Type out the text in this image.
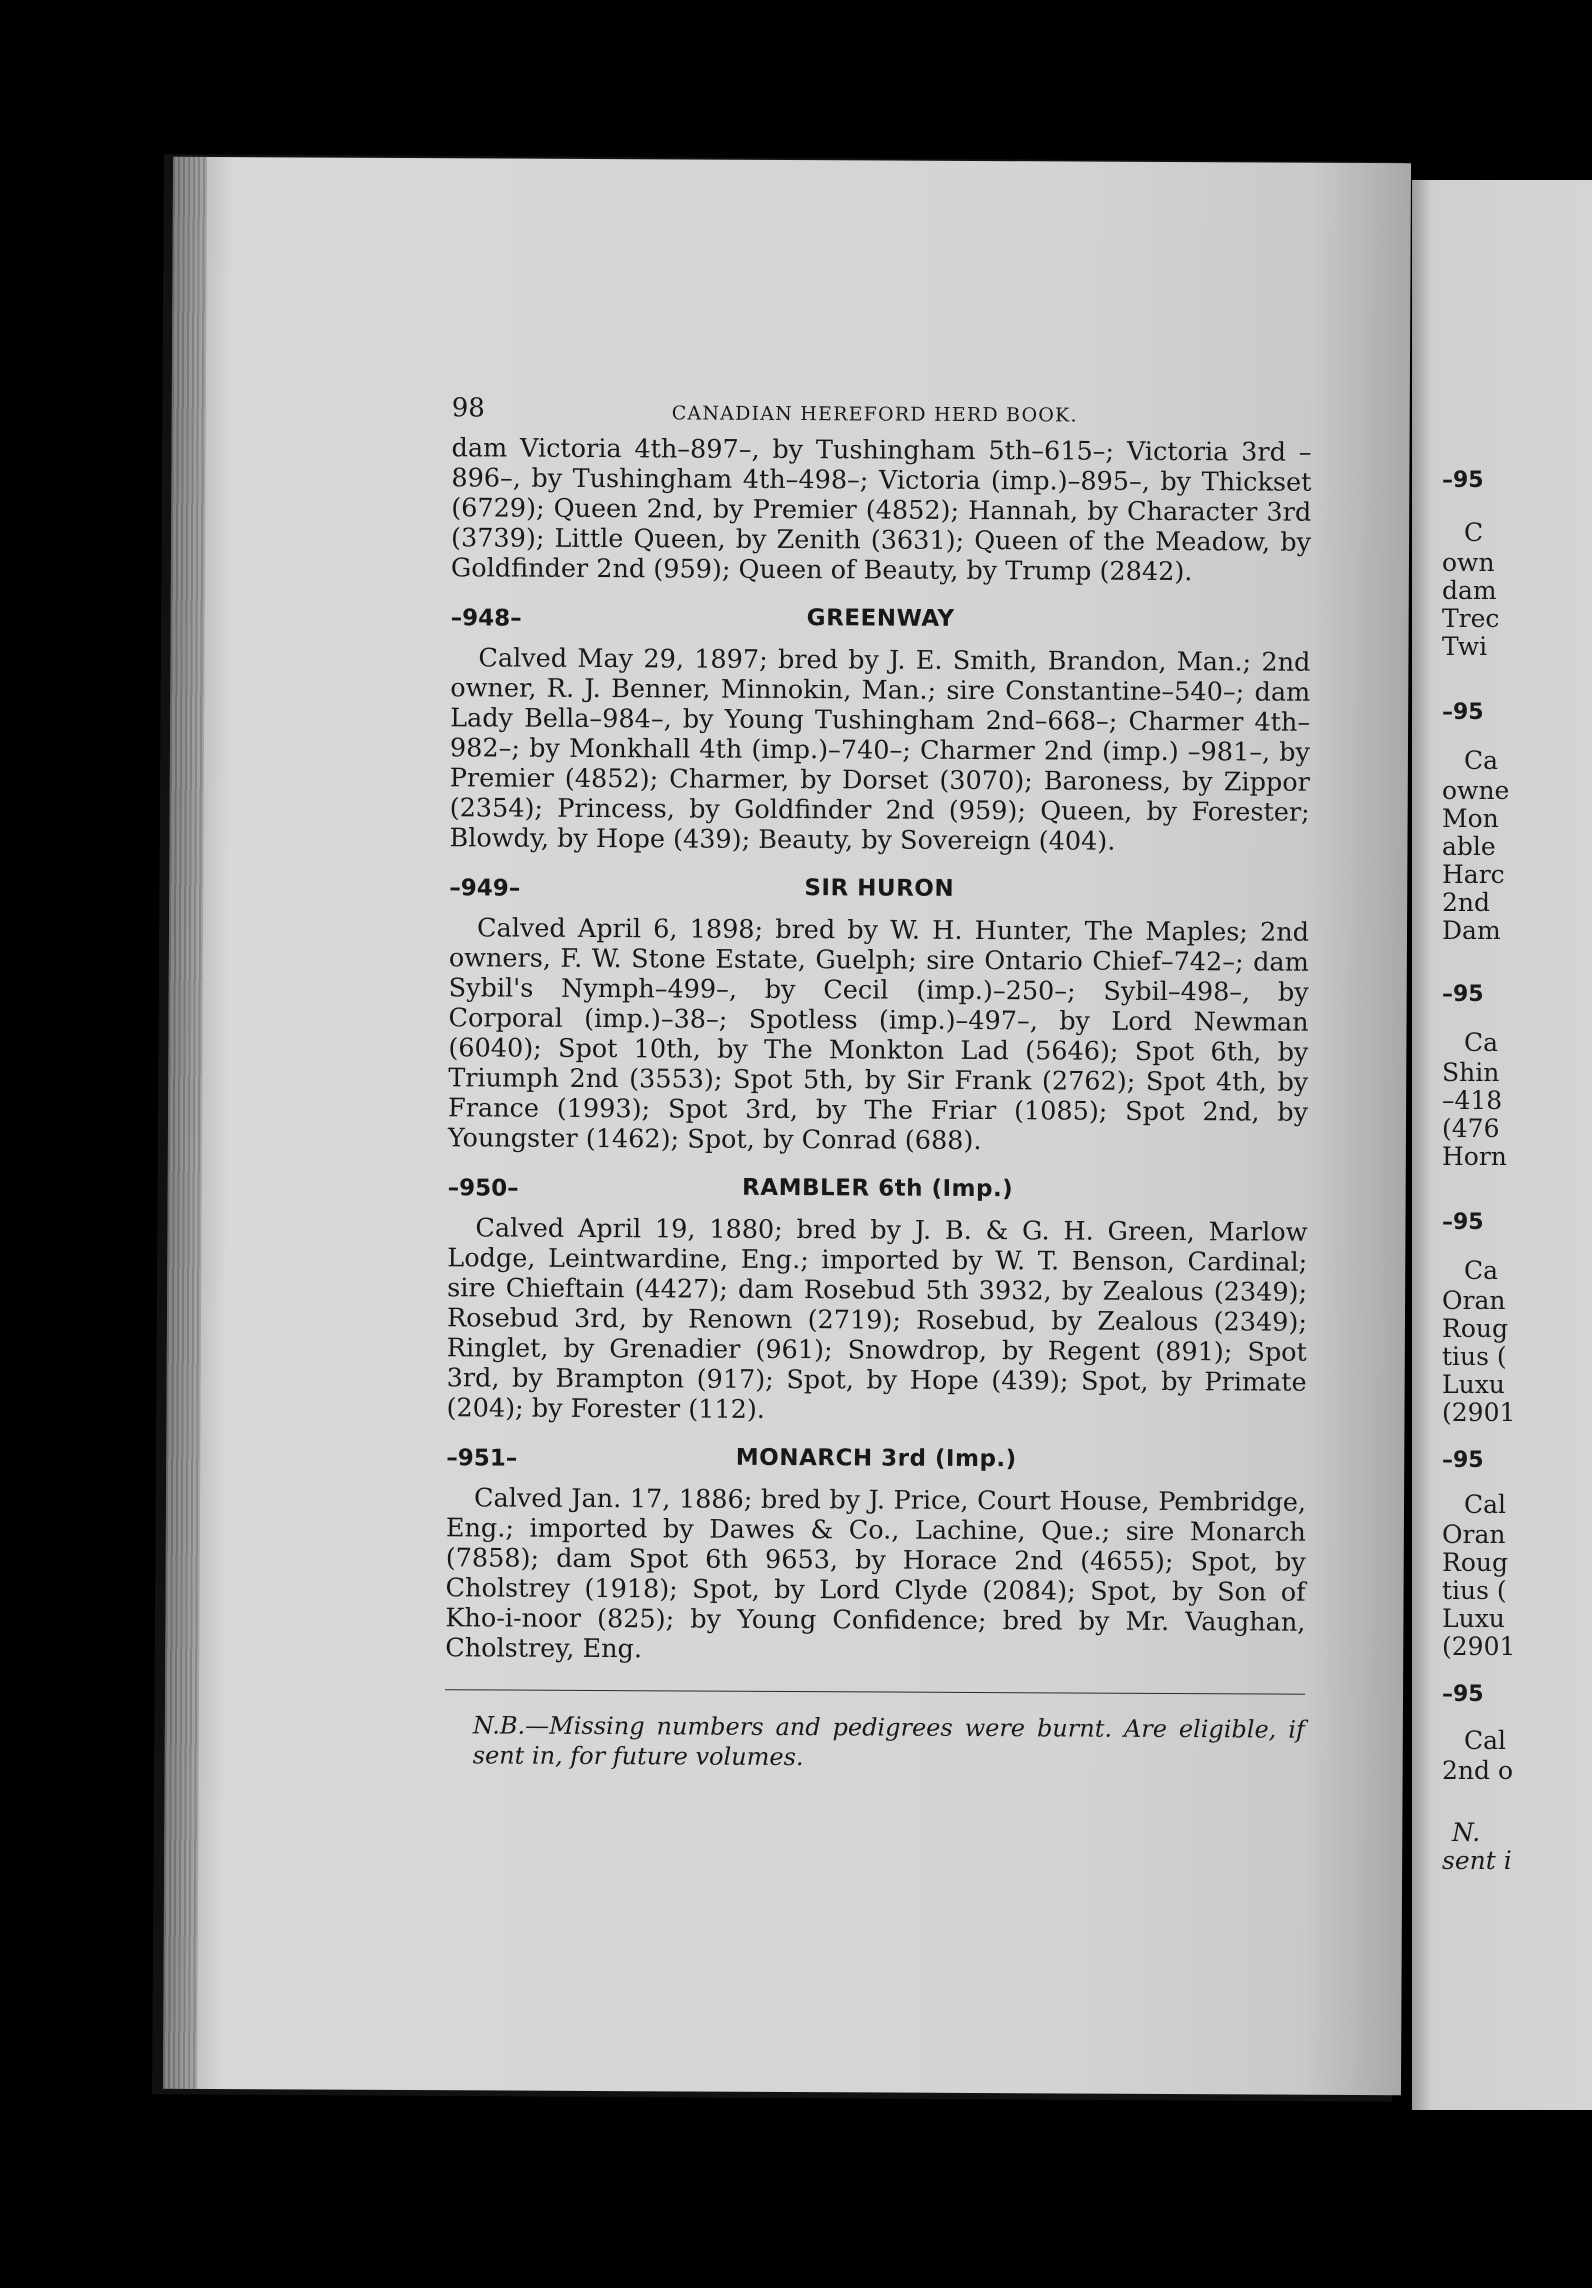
98	CANADIAN HEREFORD HERD BOOK.

dam Victoria 4th–897–, by Tushingham 5th–615–; Victoria 3rd –896–, by Tushingham 4th–498–; Victoria (imp.)–895–, by Thickset (6729); Queen 2nd, by Premier (4852); Hannah, by Character 3rd (3739); Little Queen, by Zenith (3631); Queen of the Meadow, by Goldfinder 2nd (959); Queen of Beauty, by Trump (2842).

–948–	GREENWAY

Calved May 29, 1897; bred by J. E. Smith, Brandon, Man.; 2nd owner, R. J. Benner, Minnokin, Man.; sire Constantine–540–; dam Lady Bella–984–, by Young Tushingham 2nd–668–; Charmer 4th–982–; by Monkhall 4th (imp.)–740–; Charmer 2nd (imp.) –981–, by Premier (4852); Charmer, by Dorset (3070); Baroness, by Zippor (2354); Princess, by Goldfinder 2nd (959); Queen, by Forester; Blowdy, by Hope (439); Beauty, by Sovereign (404).

–949–	SIR HURON

Calved April 6, 1898; bred by W. H. Hunter, The Maples; 2nd owners, F. W. Stone Estate, Guelph; sire Ontario Chief–742–; dam Sybil's Nymph–499–, by Cecil (imp.)–250–; Sybil–498–, by Corporal (imp.)–38–; Spotless (imp.)–497–, by Lord Newman (6040); Spot 10th, by The Monkton Lad (5646); Spot 6th, by Triumph 2nd (3553); Spot 5th, by Sir Frank (2762); Spot 4th, by France (1993); Spot 3rd, by The Friar (1085); Spot 2nd, by Youngster (1462); Spot, by Conrad (688).

–950–	RAMBLER 6th (Imp.)

Calved April 19, 1880; bred by J. B. & G. H. Green, Marlow Lodge, Leintwardine, Eng.; imported by W. T. Benson, Cardinal; sire Chieftain (4427); dam Rosebud 5th 3932, by Zealous (2349); Rosebud 3rd, by Renown (2719); Rosebud, by Zealous (2349); Ringlet, by Grenadier (961); Snowdrop, by Regent (891); Spot 3rd, by Brampton (917); Spot, by Hope (439); Spot, by Primate (204); by Forester (112).

–951–	MONARCH 3rd (Imp.)

Calved Jan. 17, 1886; bred by J. Price, Court House, Pembridge, Eng.; imported by Dawes & Co., Lachine, Que.; sire Monarch (7858); dam Spot 6th 9653, by Horace 2nd (4655); Spot, by Cholstrey (1918); Spot, by Lord Clyde (2084); Spot, by Son of Kho-i-noor (825); by Young Confidence; bred by Mr. Vaughan, Cholstrey, Eng.

N.B.—Missing numbers and pedigrees were burnt. Are eligible, if sent in, for future volumes.

–95
C
own
dam
Trec
Twi
–95
Ca
owne
Mon
able
Harc
2nd
Dam
–95
Ca
Shin
–418
(476
Horn
–95
Ca
Oran
Roug
tius (
Luxu
(2901
–95
Cal
Oran
Roug
tius (
Luxu
(2901
–95
Cal
2nd o
N.
sent i
